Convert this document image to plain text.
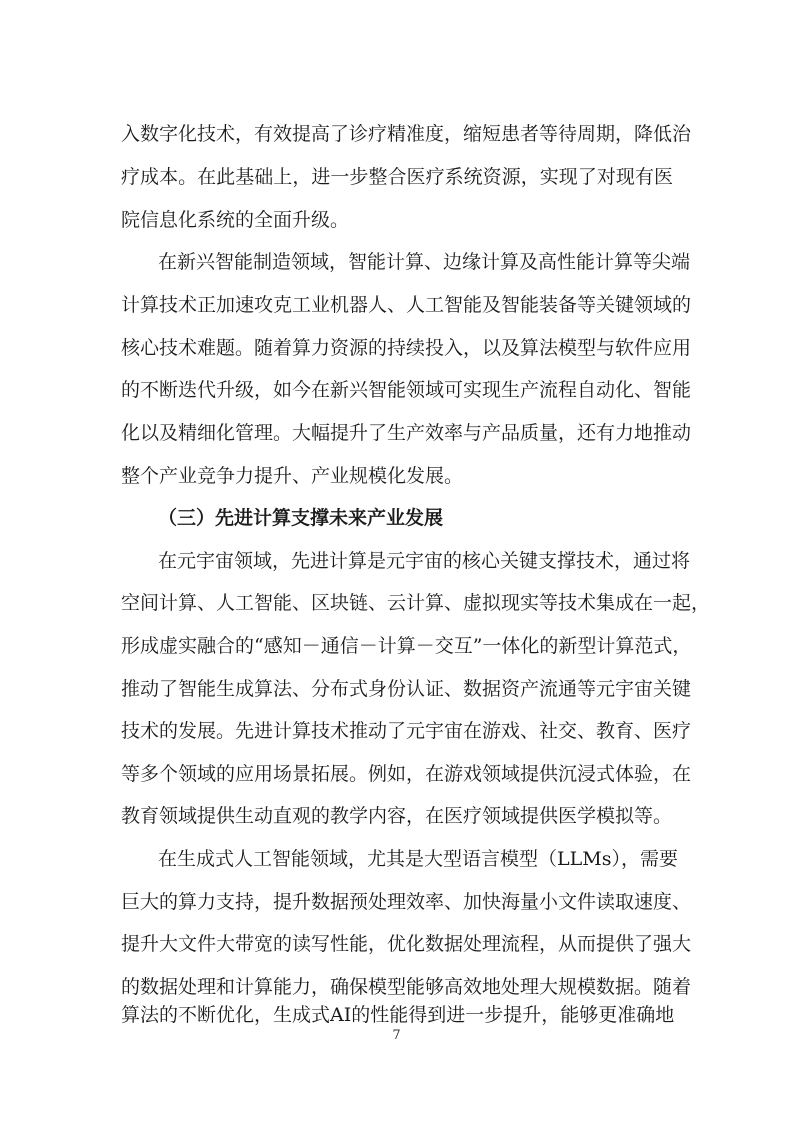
入数字化技术，有效提高了诊疗精准度，缩短患者等待周期，降低治
疗成本。在此基础上，进一步整合医疗系统资源，实现了对现有医
院信息化系统的全面升级。
在新兴智能制造领域，智能计算、边缘计算及高性能计算等尖端
计算技术正加速攻克工业机器人、人工智能及智能装备等关键领域的
核心技术难题。随着算力资源的持续投入，以及算法模型与软件应用
的不断迭代升级，如今在新兴智能领域可实现生产流程自动化、智能
化以及精细化管理。大幅提升了生产效率与产品质量，还有力地推动
整个产业竞争力提升、产业规模化发展。
（三）先进计算支撑未来产业发展
在元宇宙领域，先进计算是元宇宙的核心关键支撑技术，通过将
空间计算、人工智能、区块链、云计算、虚拟现实等技术集成在一起，
形成虚实融合的“感知－通信－计算－交互”一体化的新型计算范式，
推动了智能生成算法、分布式身份认证、数据资产流通等元宇宙关键
技术的发展。先进计算技术推动了元宇宙在游戏、社交、教育、医疗
等多个领域的应用场景拓展。例如，在游戏领域提供沉浸式体验，在
教育领域提供生动直观的教学内容，在医疗领域提供医学模拟等。
在生成式人工智能领域，尤其是大型语言模型（LLMs），需要
巨大的算力支持，提升数据预处理效率、加快海量小文件读取速度、
提升大文件大带宽的读写性能，优化数据处理流程，从而提供了强大
的数据处理和计算能力，确保模型能够高效地处理大规模数据。随着
算法的不断优化，生成式AI的性能得到进一步提升，能够更准确地
7
